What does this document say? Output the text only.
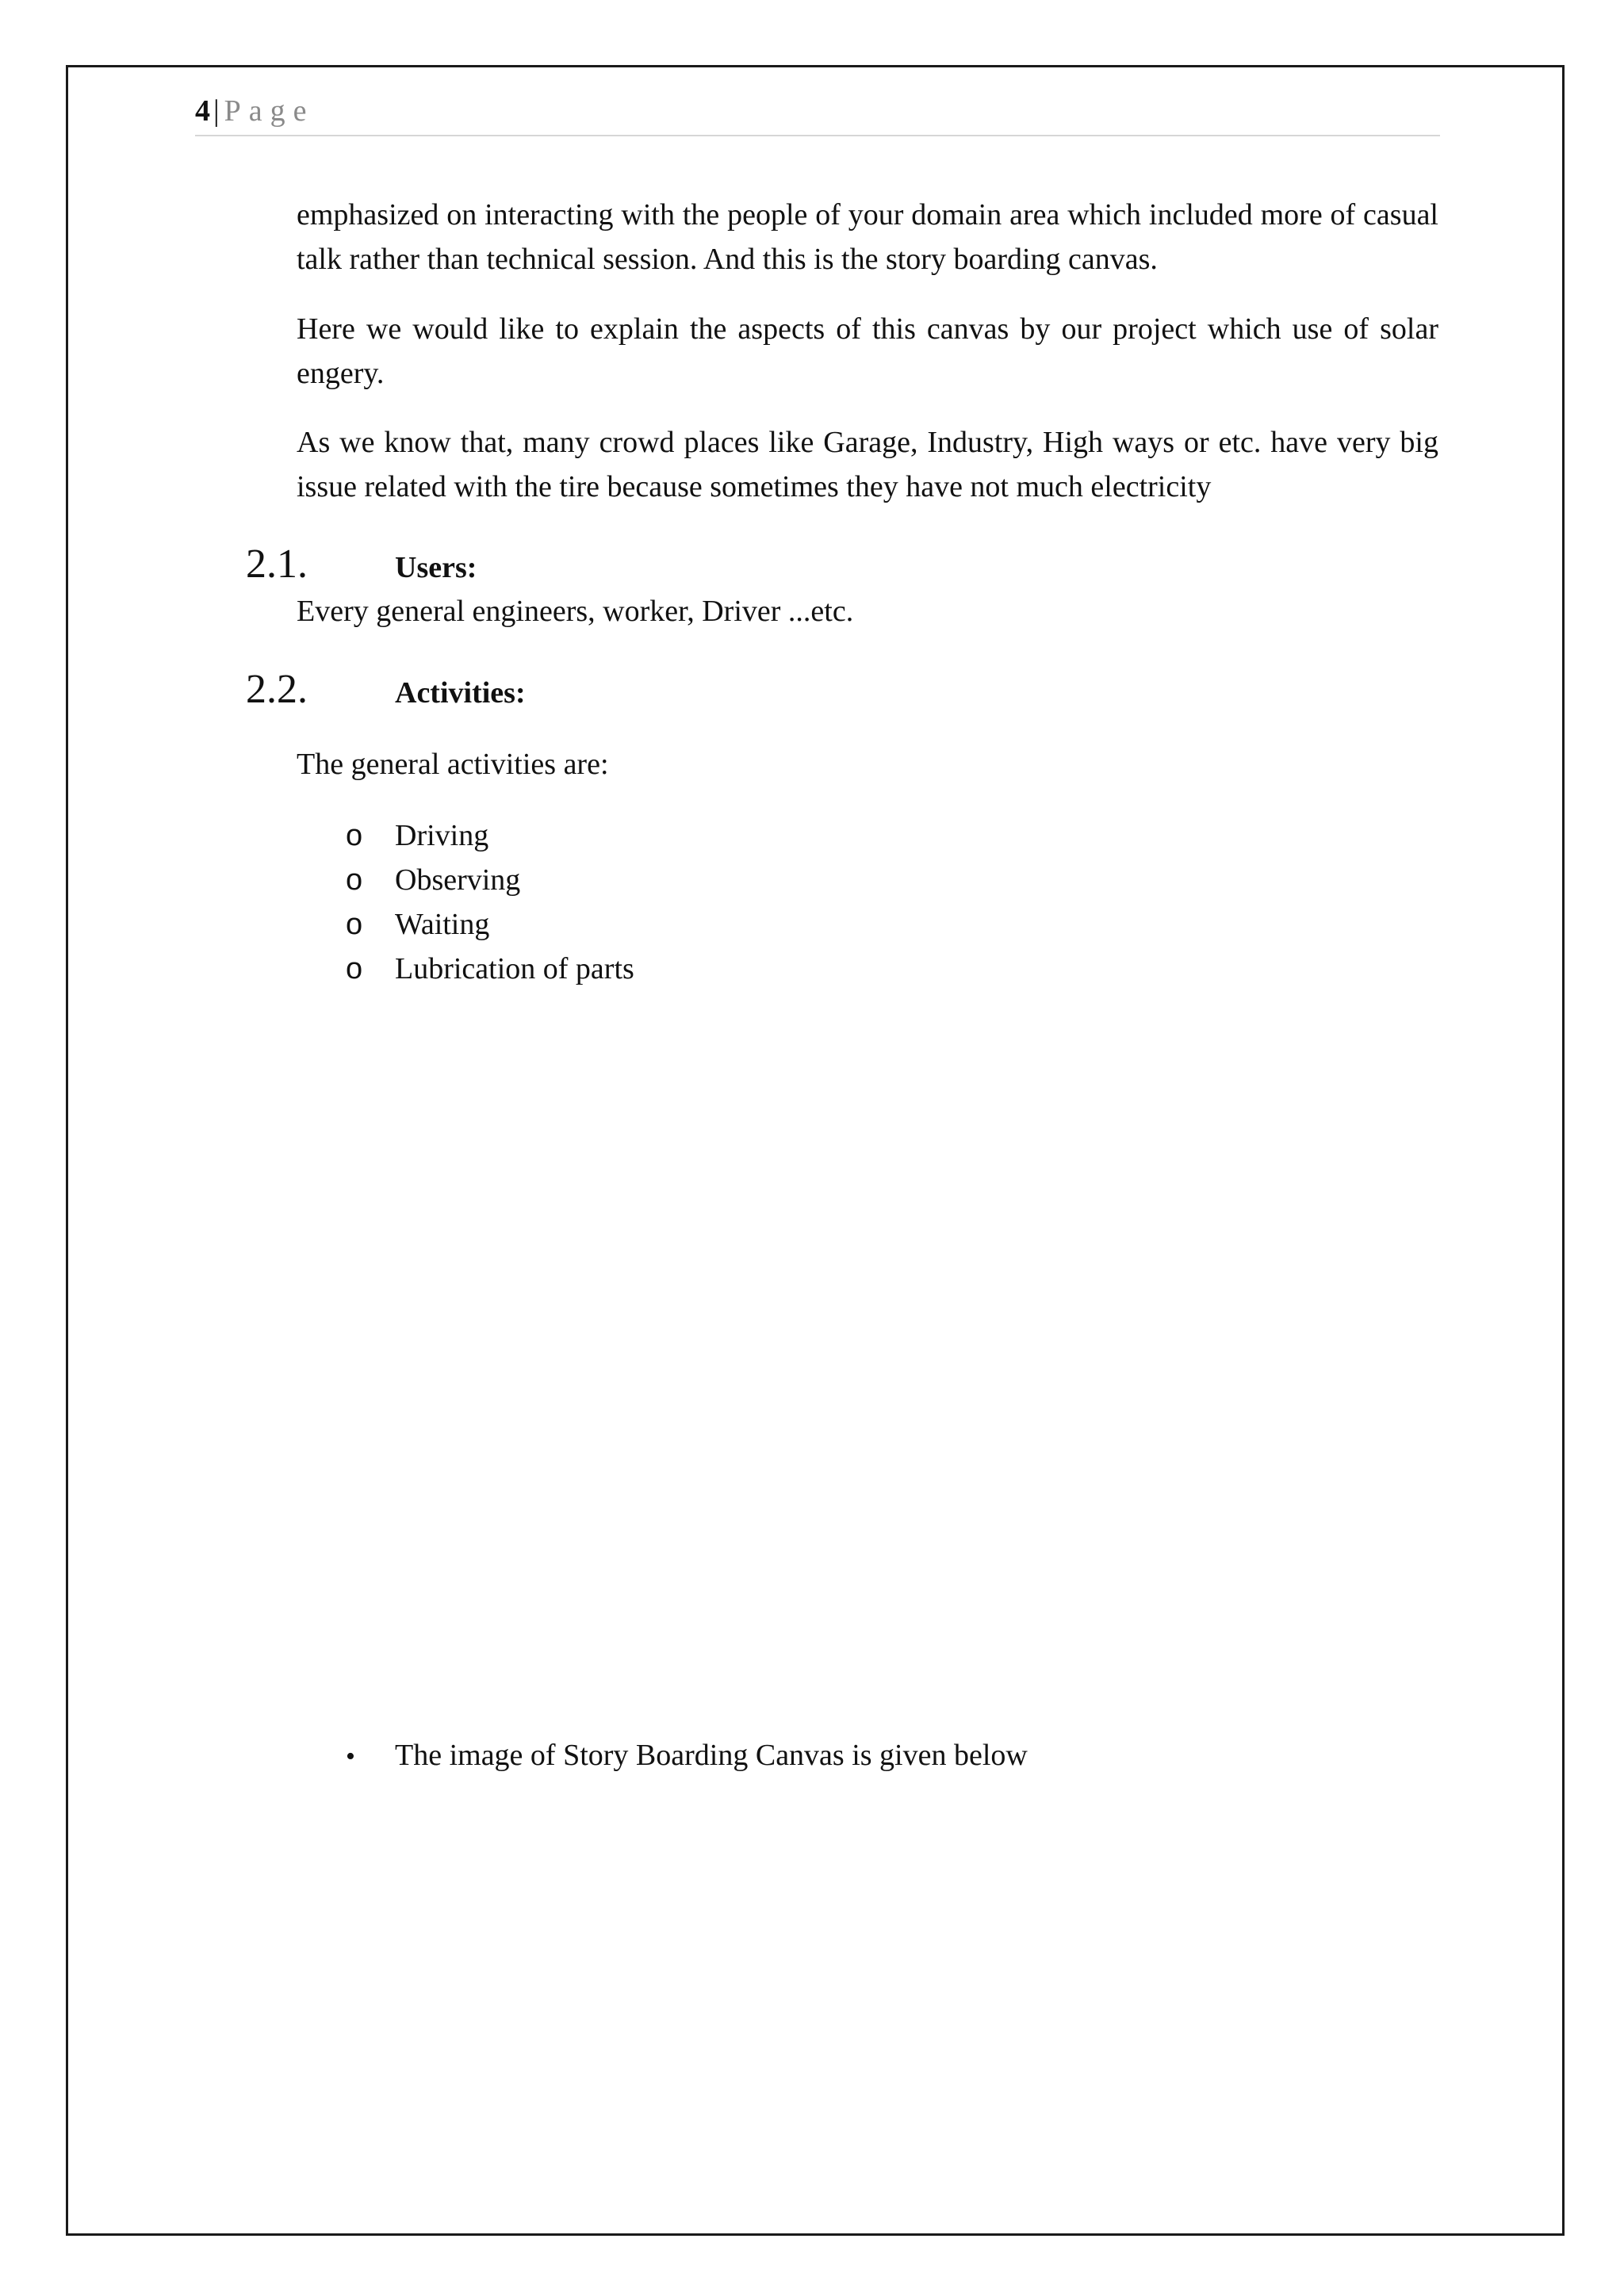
4 | Page

emphasized on interacting with the people of your domain area which included more of casual talk rather than technical session. And this is the story boarding canvas.

Here we would like to explain the aspects of this canvas by our project which use of solar engery.

As we know that, many crowd places like Garage, Industry, High ways or etc. have very big issue related with the tire because sometimes they have not much electricity

2.1.	Users:

Every general engineers, worker, Driver ...etc.

2.2.	Activities:

The general activities are:

o Driving
o Observing
o Waiting
o Lubrication of parts
• The image of Story Boarding Canvas is given below
